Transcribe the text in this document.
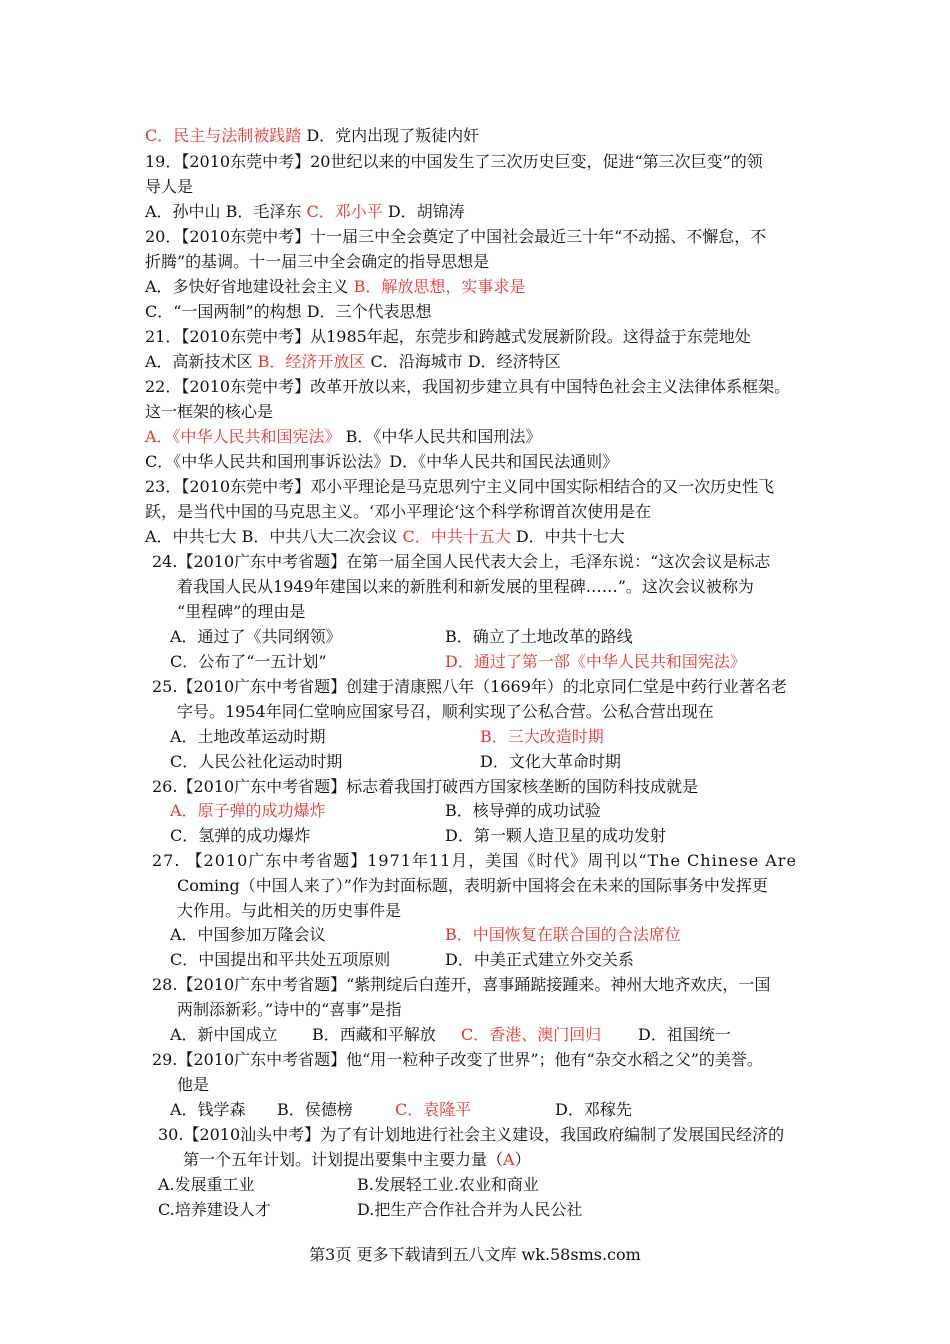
C．民主与法制被践踏 D．党内出现了叛徒内奸
19．【2010东莞中考】20世纪以来的中国发生了三次历史巨变，促进“第三次巨变”的领
导人是
A．孙中山 B．毛泽东 C．邓小平 D．胡锦涛
20．【2010东莞中考】十一届三中全会奠定了中国社会最近三十年“不动摇、不懈怠，不
折腾”的基调。十一届三中全会确定的指导思想是
A．多快好省地建设社会主义 B．解放思想，实事求是
C．“一国两制”的构想 D．三个代表思想
21．【2010东莞中考】从1985年起，东莞步和跨越式发展新阶段。这得益于东莞地处
A．高新技术区 B．经济开放区 C．沿海城市 D．经济特区
22．【2010东莞中考】改革开放以来，我国初步建立具有中国特色社会主义法律体系框架。
这一框架的核心是
A．《中华人民共和国宪法》 B．《中华人民共和国刑法》
C．《中华人民共和国刑事诉讼法》D．《中华人民共和国民法通则》
23．【2010东莞中考】邓小平理论是马克思列宁主义同中国实际相结合的又一次历史性飞
跃，是当代中国的马克思主义。‘邓小平理论‘这个科学称谓首次使用是在
A．中共七大 B．中共八大二次会议 C．中共十五大 D．中共十七大
24.【2010广东中考省题】在第一届全国人民代表大会上，毛泽东说：“这次会议是标志
着我国人民从1949年建国以来的新胜利和新发展的里程碑……”。这次会议被称为
“里程碑”的理由是
A．通过了《共同纲领》	B．确立了土地改革的路线
C．公布了“一五计划”	D．通过了第一部《中华人民共和国宪法》
25.【2010广东中考省题】创建于清康熙八年（1669年）的北京同仁堂是中药行业著名老
字号。1954年同仁堂响应国家号召，顺利实现了公私合营。公私合营出现在
A．土地改革运动时期	B．三大改造时期
C．人民公社化运动时期	D．文化大革命时期
26.【2010广东中考省题】标志着我国打破西方国家核垄断的国防科技成就是
A．原子弹的成功爆炸	B．核导弹的成功试验
C．氢弹的成功爆炸	D．第一颗人造卫星的成功发射
27. 【2010广东中考省题】1971年11月，美国《时代》周刊以“The Chinese Are
Coming（中国人来了）”作为封面标题，表明新中国将会在未来的国际事务中发挥更
大作用。与此相关的历史事件是
A．中国参加万隆会议	B．中国恢复在联合国的合法席位
C．中国提出和平共处五项原则	D．中美正式建立外交关系
28.【2010广东中考省题】“紫荆绽后白莲开，喜事踊踮接踵来。神州大地齐欢庆，一国
两制添新彩。”诗中的“喜事”是指
A．新中国成立 B．西藏和平解放 C．香港、澳门回归 D．祖国统一
29.【2010广东中考省题】他“用一粒种子改变了世界”；他有“杂交水稻之父”的美誉。
他是
A．钱学森 B．侯德榜	C．袁隆平	D．邓稼先
30.【2010汕头中考】为了有计划地进行社会主义建设，我国政府编制了发展国民经济的
第一个五年计划。计划提出要集中主要力量（A）
A.发展重工业	B.发展轻工业.农业和商业
C.培养建设人才	D.把生产合作社合并为人民公社
第3页 更多下载请到五八文库 wk.58sms.com
